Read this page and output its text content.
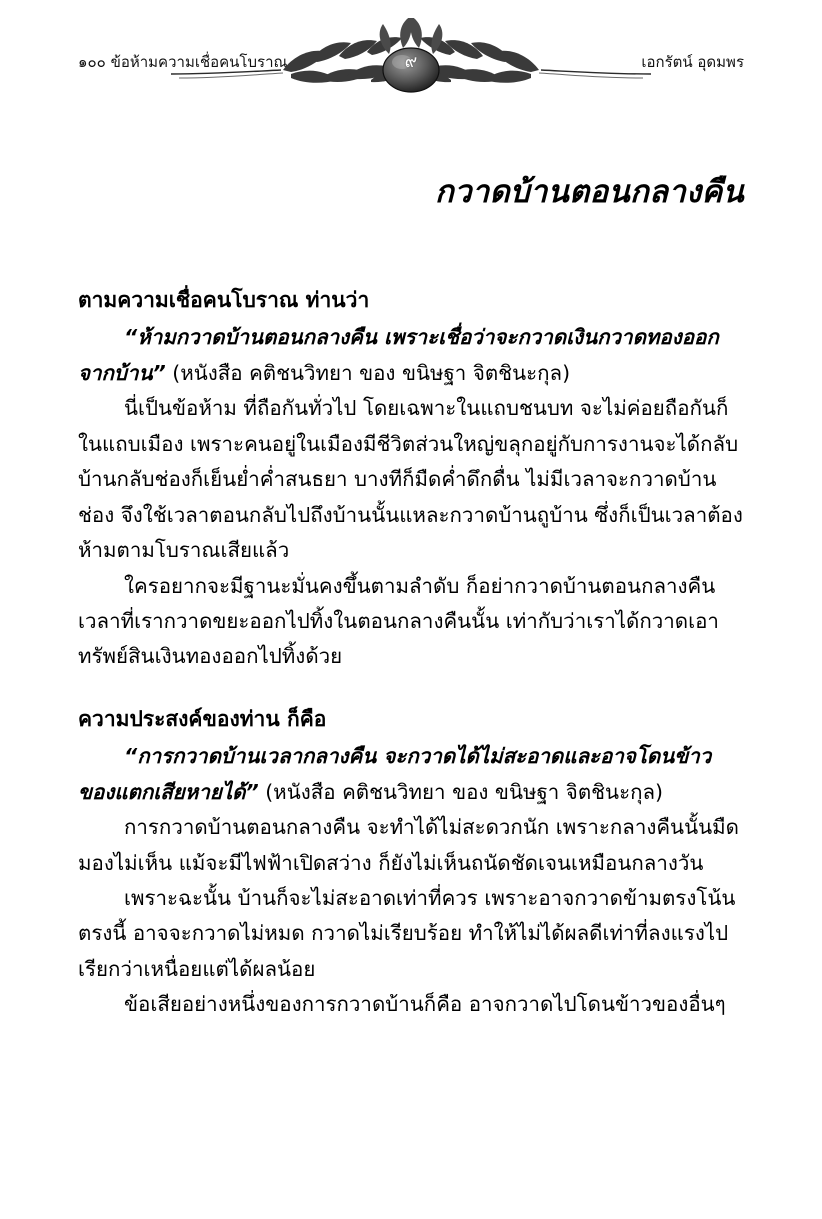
๑๐๐ ข้อห้ามความเชื่อคนโบราณ	๙	เอกรัตน์ อุดมพร
กวาดบ้านตอนกลางคืน
ตามความเชื่อคนโบราณ ท่านว่า

“ห้ามกวาดบ้านตอนกลางคืน เพราะเชื่อว่าจะกวาดเงินกวาดทองออกจากบ้าน” (หนังสือ คติชนวิทยา ของ ขนิษฐา จิตชินะกุล)

นี่เป็นข้อห้าม ที่ถือกันทั่วไป โดยเฉพาะในแถบชนบท จะไม่ค่อยถือกันก็ในแถบเมือง เพราะคนอยู่ในเมืองมีชีวิตส่วนใหญ่ขลุกอยู่กับการงานจะได้กลับบ้านกลับช่องก็เย็นย่ำค่ำสนธยา บางทีก็มืดค่ำดึกดื่น ไม่มีเวลาจะกวาดบ้านช่อง จึงใช้เวลาตอนกลับไปถึงบ้านนั้นแหละกวาดบ้านถูบ้าน ซึ่งก็เป็นเวลาต้องห้ามตามโบราณเสียแล้ว

ใครอยากจะมีฐานะมั่นคงขึ้นตามลำดับ ก็อย่ากวาดบ้านตอนกลางคืน เวลาที่เรากวาดขยะออกไปทิ้งในตอนกลางคืนนั้น เท่ากับว่าเราได้กวาดเอาทรัพย์สินเงินทองออกไปทิ้งด้วย

ความประสงค์ของท่าน ก็คือ

“การกวาดบ้านเวลากลางคืน จะกวาดได้ไม่สะอาดและอาจโดนข้าวของแตกเสียหายได้” (หนังสือ คติชนวิทยา ของ ขนิษฐา จิตชินะกุล)

การกวาดบ้านตอนกลางคืน จะทำได้ไม่สะดวกนัก เพราะกลางคืนนั้นมืดมองไม่เห็น แม้จะมีไฟฟ้าเปิดสว่าง ก็ยังไม่เห็นถนัดชัดเจนเหมือนกลางวัน

เพราะฉะนั้น บ้านก็จะไม่สะอาดเท่าที่ควร เพราะอาจกวาดข้ามตรงโน้นตรงนี้ อาจจะกวาดไม่หมด กวาดไม่เรียบร้อย ทำให้ไม่ได้ผลดีเท่าที่ลงแรงไป เรียกว่าเหนื่อยแต่ได้ผลน้อย

ข้อเสียอย่างหนึ่งของการกวาดบ้านก็คือ อาจกวาดไปโดนข้าวของอื่นๆ
